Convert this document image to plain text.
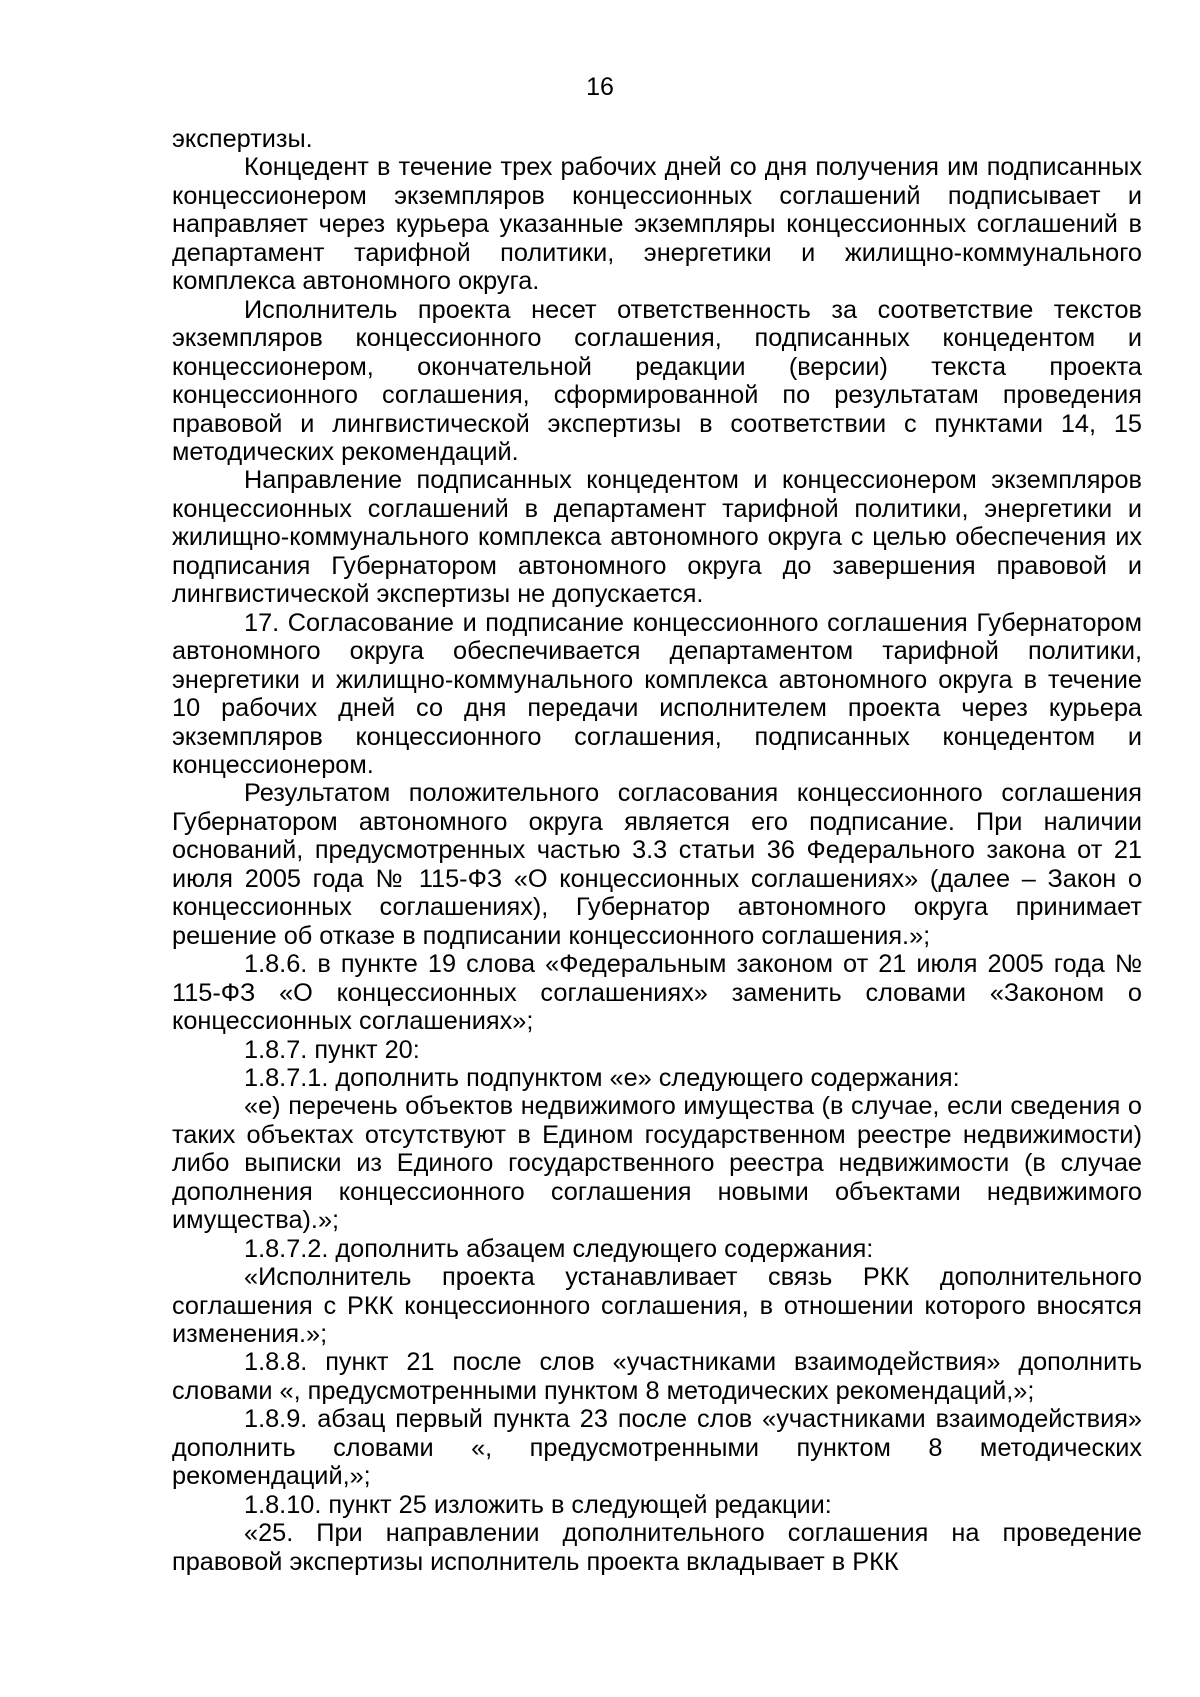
16

экспертизы.

Концедент в течение трех рабочих дней со дня получения им подписанных концессионером экземпляров концессионных соглашений подписывает и направляет через курьера указанные экземпляры концессионных соглашений в департамент тарифной политики, энергетики и жилищно-коммунального комплекса автономного округа.

Исполнитель проекта несет ответственность за соответствие текстов экземпляров концессионного соглашения, подписанных концедентом и концессионером, окончательной редакции (версии) текста проекта концессионного соглашения, сформированной по результатам проведения правовой и лингвистической экспертизы в соответствии с пунктами 14, 15 методических рекомендаций.

Направление подписанных концедентом и концессионером экземпляров концессионных соглашений в департамент тарифной политики, энергетики и жилищно-коммунального комплекса автономного округа с целью обеспечения их подписания Губернатором автономного округа до завершения правовой и лингвистической экспертизы не допускается.

17. Согласование и подписание концессионного соглашения Губернатором автономного округа обеспечивается департаментом тарифной политики, энергетики и жилищно-коммунального комплекса автономного округа в течение 10 рабочих дней со дня передачи исполнителем проекта через курьера экземпляров концессионного соглашения, подписанных концедентом и концессионером.

Результатом положительного согласования концессионного соглашения Губернатором автономного округа является его подписание. При наличии оснований, предусмотренных частью 3.3 статьи 36 Федерального закона от 21 июля 2005 года № 115-ФЗ «О концессионных соглашениях» (далее – Закон о концессионных соглашениях), Губернатор автономного округа принимает решение об отказе в подписании концессионного соглашения.»;

1.8.6. в пункте 19 слова «Федеральным законом от 21 июля 2005 года № 115-ФЗ «О концессионных соглашениях» заменить словами «Законом о концессионных соглашениях»;

1.8.7. пункт 20:

1.8.7.1. дополнить подпунктом «е» следующего содержания:

«е) перечень объектов недвижимого имущества (в случае, если сведения о таких объектах отсутствуют в Едином государственном реестре недвижимости) либо выписки из Единого государственного реестра недвижимости (в случае дополнения концессионного соглашения новыми объектами недвижимого имущества).»;

1.8.7.2. дополнить абзацем следующего содержания:

«Исполнитель проекта устанавливает связь РКК дополнительного соглашения с РКК концессионного соглашения, в отношении которого вносятся изменения.»;

1.8.8. пункт 21 после слов «участниками взаимодействия» дополнить словами «, предусмотренными пунктом 8 методических рекомендаций,»;

1.8.9. абзац первый пункта 23 после слов «участниками взаимодействия» дополнить словами «, предусмотренными пунктом 8 методических рекомендаций,»;

1.8.10. пункт 25 изложить в следующей редакции:

«25. При направлении дополнительного соглашения на проведение правовой экспертизы исполнитель проекта вкладывает в РКК
